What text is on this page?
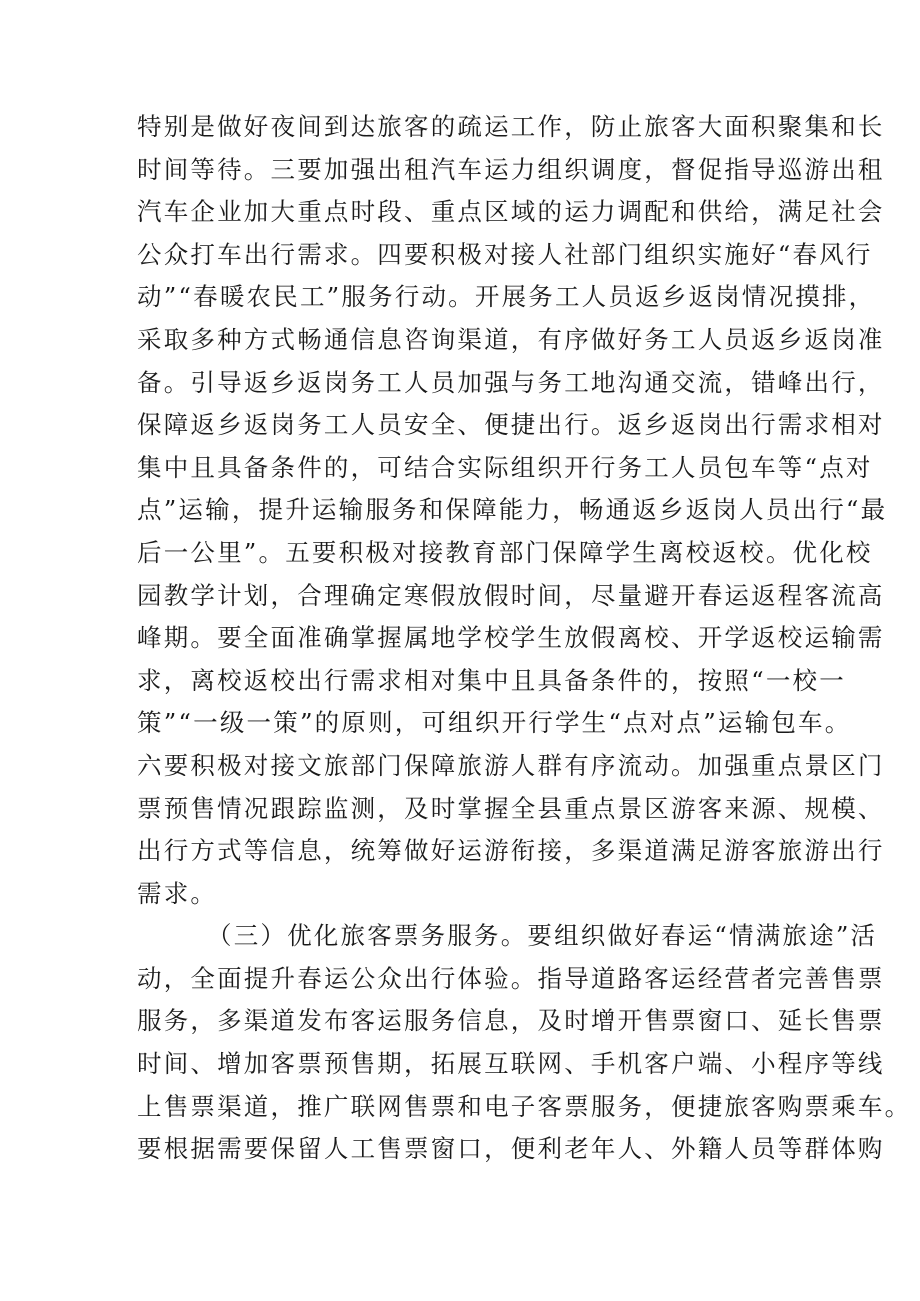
特别是做好夜间到达旅客的疏运工作，防止旅客大面积聚集和长
时间等待。三要加强出租汽车运力组织调度，督促指导巡游出租
汽车企业加大重点时段、重点区域的运力调配和供给，满足社会
公众打车出行需求。四要积极对接人社部门组织实施好“春风行
动”“春暖农民工”服务行动。开展务工人员返乡返岗情况摸排，
采取多种方式畅通信息咨询渠道，有序做好务工人员返乡返岗准
备。引导返乡返岗务工人员加强与务工地沟通交流，错峰出行，
保障返乡返岗务工人员安全、便捷出行。返乡返岗出行需求相对
集中且具备条件的，可结合实际组织开行务工人员包车等“点对
点”运输，提升运输服务和保障能力，畅通返乡返岗人员出行“最
后一公里”。五要积极对接教育部门保障学生离校返校。优化校
园教学计划，合理确定寒假放假时间，尽量避开春运返程客流高
峰期。要全面准确掌握属地学校学生放假离校、开学返校运输需
求，离校返校出行需求相对集中且具备条件的，按照“一校一
策”“一级一策”的原则，可组织开行学生“点对点”运输包车。
六要积极对接文旅部门保障旅游人群有序流动。加强重点景区门
票预售情况跟踪监测，及时掌握全县重点景区游客来源、规模、
出行方式等信息，统筹做好运游衔接，多渠道满足游客旅游出行
需求。
（三）优化旅客票务服务。要组织做好春运“情满旅途”活
动，全面提升春运公众出行体验。指导道路客运经营者完善售票
服务，多渠道发布客运服务信息，及时增开售票窗口、延长售票
时间、增加客票预售期，拓展互联网、手机客户端、小程序等线
上售票渠道，推广联网售票和电子客票服务，便捷旅客购票乘车。
要根据需要保留人工售票窗口，便利老年人、外籍人员等群体购
